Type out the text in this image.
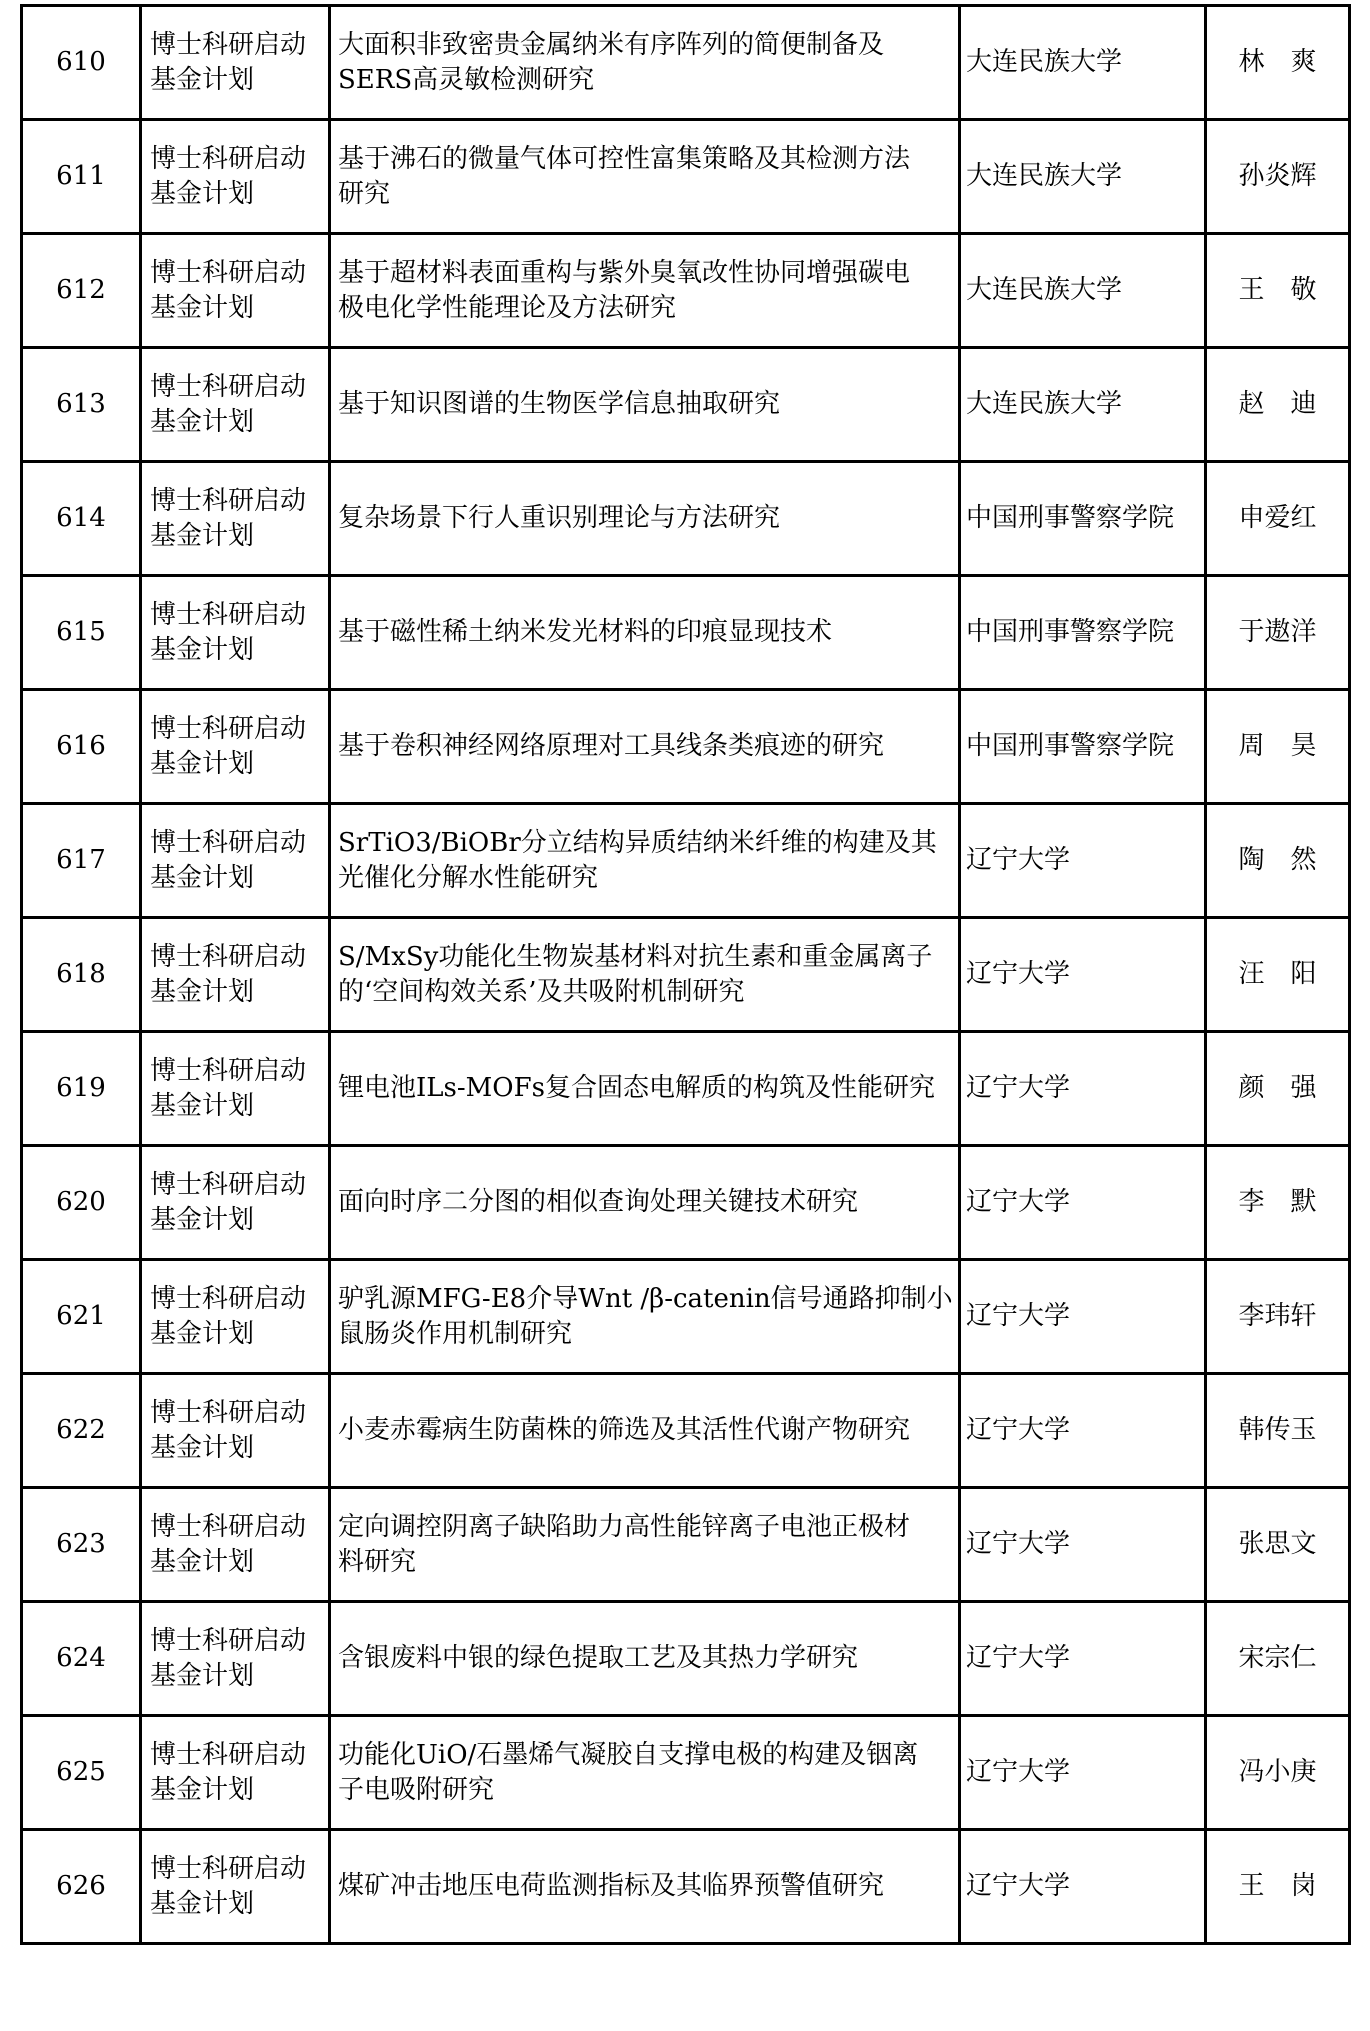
610	博士科研启动
基金计划	大面积非致密贵金属纳米有序阵列的简便制备及
SERS高灵敏检测研究	大连民族大学	林　爽

611	博士科研启动
基金计划	基于沸石的微量气体可控性富集策略及其检测方法
研究	大连民族大学	孙炎辉

612	博士科研启动
基金计划	基于超材料表面重构与紫外臭氧改性协同增强碳电
极电化学性能理论及方法研究	大连民族大学	王　敬

613	博士科研启动
基金计划	基于知识图谱的生物医学信息抽取研究	大连民族大学	赵　迪

614	博士科研启动
基金计划	复杂场景下行人重识别理论与方法研究	中国刑事警察学院	申爱红

615	博士科研启动
基金计划	基于磁性稀土纳米发光材料的印痕显现技术	中国刑事警察学院	于遨洋

616	博士科研启动
基金计划	基于卷积神经网络原理对工具线条类痕迹的研究	中国刑事警察学院	周　昊

617	博士科研启动
基金计划	SrTiO3/BiOBr分立结构异质结纳米纤维的构建及其
光催化分解水性能研究	辽宁大学	陶　然

618	博士科研启动
基金计划	S/MxSy功能化生物炭基材料对抗生素和重金属离子
的‘空间构效关系’及共吸附机制研究	辽宁大学	汪　阳

619	博士科研启动
基金计划	锂电池ILs-MOFs复合固态电解质的构筑及性能研究	辽宁大学	颜　强

620	博士科研启动
基金计划	面向时序二分图的相似查询处理关键技术研究	辽宁大学	李　默

621	博士科研启动
基金计划	驴乳源MFG-E8介导Wnt /β-catenin信号通路抑制小
鼠肠炎作用机制研究	辽宁大学	李玮轩

622	博士科研启动
基金计划	小麦赤霉病生防菌株的筛选及其活性代谢产物研究	辽宁大学	韩传玉

623	博士科研启动
基金计划	定向调控阴离子缺陷助力高性能锌离子电池正极材
料研究	辽宁大学	张思文

624	博士科研启动
基金计划	含银废料中银的绿色提取工艺及其热力学研究	辽宁大学	宋宗仁

625	博士科研启动
基金计划	功能化UiO/石墨烯气凝胶自支撑电极的构建及铟离
子电吸附研究	辽宁大学	冯小庚

626	博士科研启动
基金计划	煤矿冲击地压电荷监测指标及其临界预警值研究	辽宁大学	王　岗
